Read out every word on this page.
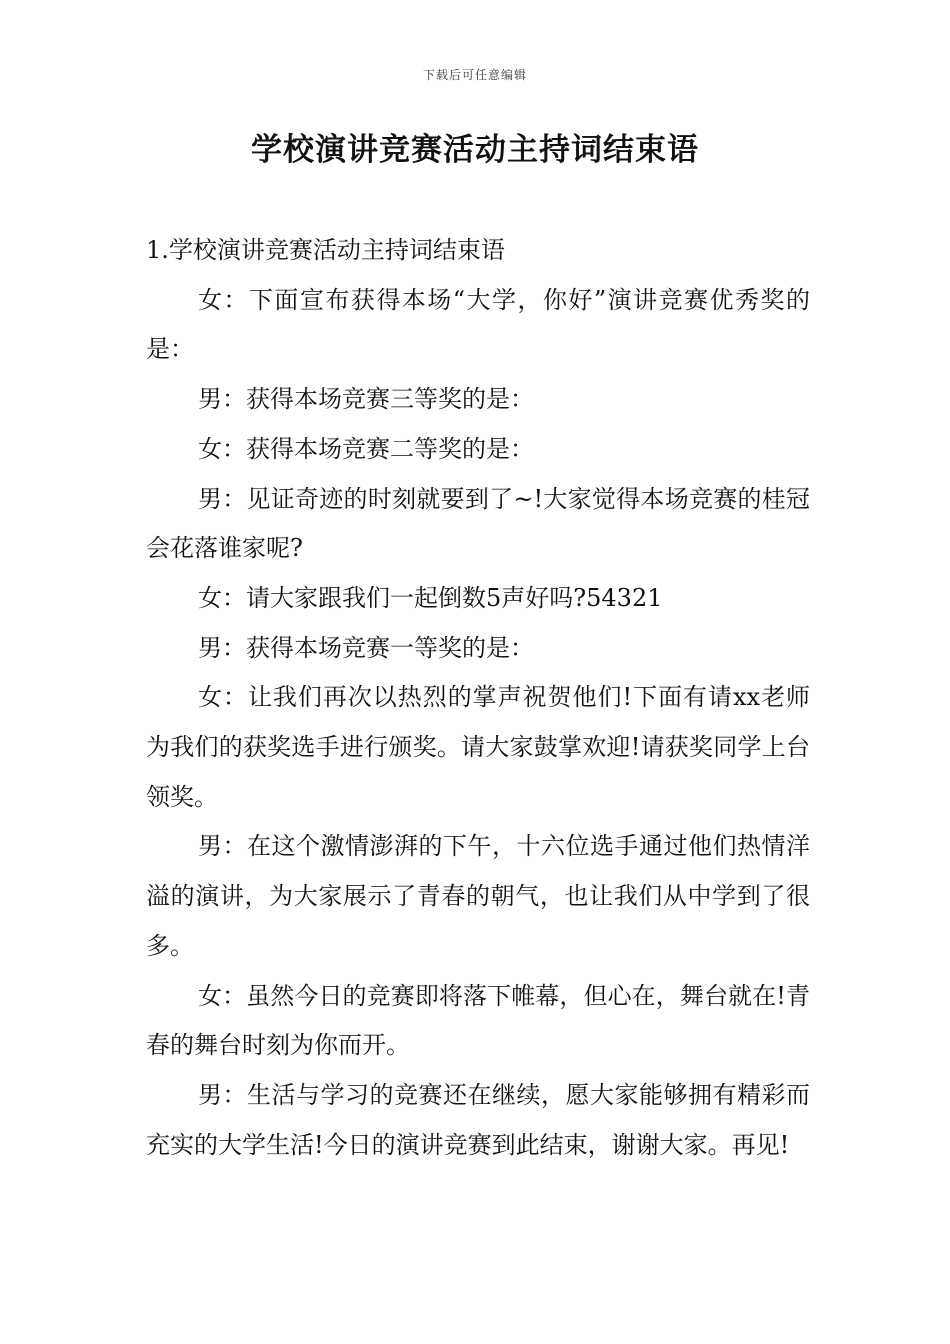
下载后可任意编辑
学校演讲竞赛活动主持词结束语

1.学校演讲竞赛活动主持词结束语

女：下面宣布获得本场“大学，你好”演讲竞赛优秀奖的是：

男：获得本场竞赛三等奖的是：

女：获得本场竞赛二等奖的是：

男：见证奇迹的时刻就要到了~!大家觉得本场竞赛的桂冠会花落谁家呢?

女：请大家跟我们一起倒数5声好吗?54321

男：获得本场竞赛一等奖的是：

女：让我们再次以热烈的掌声祝贺他们!下面有请xx老师为我们的获奖选手进行颁奖。请大家鼓掌欢迎!请获奖同学上台领奖。

男：在这个激情澎湃的下午，十六位选手通过他们热情洋溢的演讲，为大家展示了青春的朝气，也让我们从中学到了很多。

女：虽然今日的竞赛即将落下帷幕，但心在，舞台就在!青春的舞台时刻为你而开。

男：生活与学习的竞赛还在继续，愿大家能够拥有精彩而充实的大学生活!今日的演讲竞赛到此结束，谢谢大家。再见!
